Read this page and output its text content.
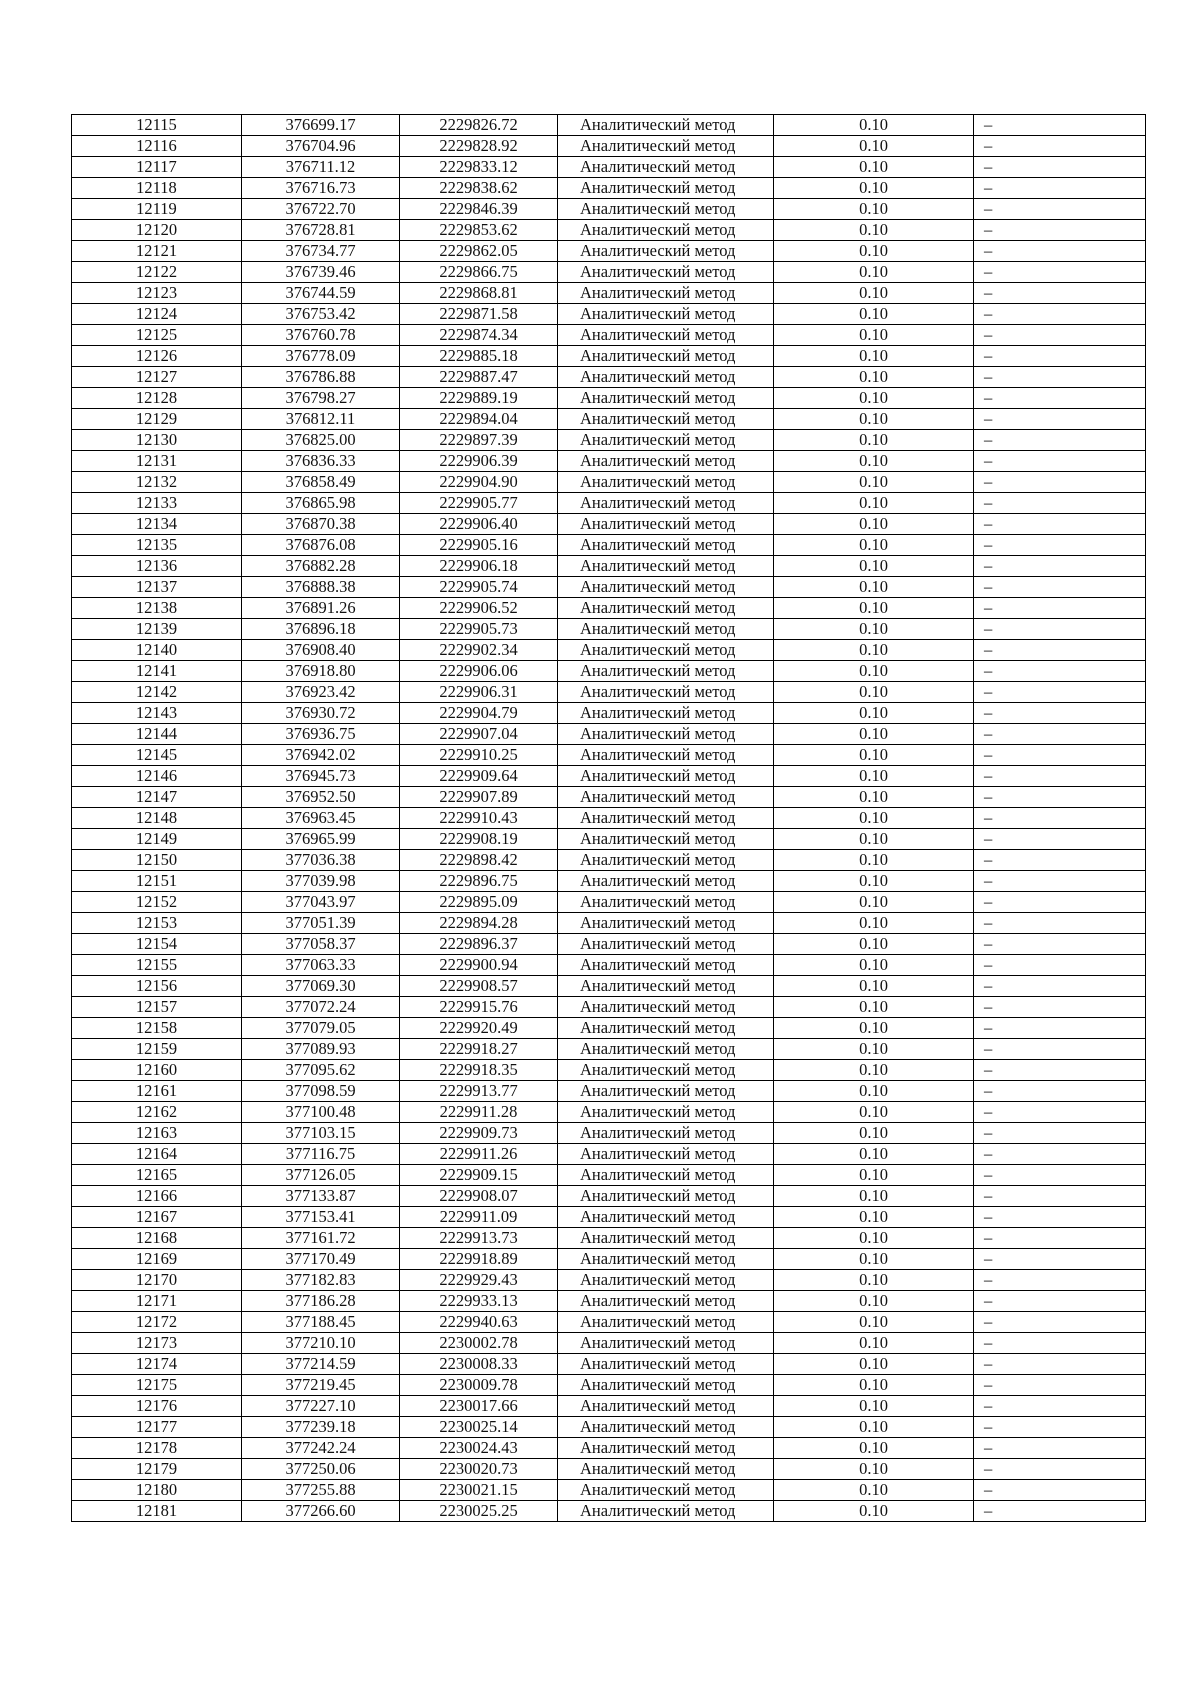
12115	376699.17	2229826.72	Аналитический метод	0.10	–
12116	376704.96	2229828.92	Аналитический метод	0.10	–
12117	376711.12	2229833.12	Аналитический метод	0.10	–
12118	376716.73	2229838.62	Аналитический метод	0.10	–
12119	376722.70	2229846.39	Аналитический метод	0.10	–
12120	376728.81	2229853.62	Аналитический метод	0.10	–
12121	376734.77	2229862.05	Аналитический метод	0.10	–
12122	376739.46	2229866.75	Аналитический метод	0.10	–
12123	376744.59	2229868.81	Аналитический метод	0.10	–
12124	376753.42	2229871.58	Аналитический метод	0.10	–
12125	376760.78	2229874.34	Аналитический метод	0.10	–
12126	376778.09	2229885.18	Аналитический метод	0.10	–
12127	376786.88	2229887.47	Аналитический метод	0.10	–
12128	376798.27	2229889.19	Аналитический метод	0.10	–
12129	376812.11	2229894.04	Аналитический метод	0.10	–
12130	376825.00	2229897.39	Аналитический метод	0.10	–
12131	376836.33	2229906.39	Аналитический метод	0.10	–
12132	376858.49	2229904.90	Аналитический метод	0.10	–
12133	376865.98	2229905.77	Аналитический метод	0.10	–
12134	376870.38	2229906.40	Аналитический метод	0.10	–
12135	376876.08	2229905.16	Аналитический метод	0.10	–
12136	376882.28	2229906.18	Аналитический метод	0.10	–
12137	376888.38	2229905.74	Аналитический метод	0.10	–
12138	376891.26	2229906.52	Аналитический метод	0.10	–
12139	376896.18	2229905.73	Аналитический метод	0.10	–
12140	376908.40	2229902.34	Аналитический метод	0.10	–
12141	376918.80	2229906.06	Аналитический метод	0.10	–
12142	376923.42	2229906.31	Аналитический метод	0.10	–
12143	376930.72	2229904.79	Аналитический метод	0.10	–
12144	376936.75	2229907.04	Аналитический метод	0.10	–
12145	376942.02	2229910.25	Аналитический метод	0.10	–
12146	376945.73	2229909.64	Аналитический метод	0.10	–
12147	376952.50	2229907.89	Аналитический метод	0.10	–
12148	376963.45	2229910.43	Аналитический метод	0.10	–
12149	376965.99	2229908.19	Аналитический метод	0.10	–
12150	377036.38	2229898.42	Аналитический метод	0.10	–
12151	377039.98	2229896.75	Аналитический метод	0.10	–
12152	377043.97	2229895.09	Аналитический метод	0.10	–
12153	377051.39	2229894.28	Аналитический метод	0.10	–
12154	377058.37	2229896.37	Аналитический метод	0.10	–
12155	377063.33	2229900.94	Аналитический метод	0.10	–
12156	377069.30	2229908.57	Аналитический метод	0.10	–
12157	377072.24	2229915.76	Аналитический метод	0.10	–
12158	377079.05	2229920.49	Аналитический метод	0.10	–
12159	377089.93	2229918.27	Аналитический метод	0.10	–
12160	377095.62	2229918.35	Аналитический метод	0.10	–
12161	377098.59	2229913.77	Аналитический метод	0.10	–
12162	377100.48	2229911.28	Аналитический метод	0.10	–
12163	377103.15	2229909.73	Аналитический метод	0.10	–
12164	377116.75	2229911.26	Аналитический метод	0.10	–
12165	377126.05	2229909.15	Аналитический метод	0.10	–
12166	377133.87	2229908.07	Аналитический метод	0.10	–
12167	377153.41	2229911.09	Аналитический метод	0.10	–
12168	377161.72	2229913.73	Аналитический метод	0.10	–
12169	377170.49	2229918.89	Аналитический метод	0.10	–
12170	377182.83	2229929.43	Аналитический метод	0.10	–
12171	377186.28	2229933.13	Аналитический метод	0.10	–
12172	377188.45	2229940.63	Аналитический метод	0.10	–
12173	377210.10	2230002.78	Аналитический метод	0.10	–
12174	377214.59	2230008.33	Аналитический метод	0.10	–
12175	377219.45	2230009.78	Аналитический метод	0.10	–
12176	377227.10	2230017.66	Аналитический метод	0.10	–
12177	377239.18	2230025.14	Аналитический метод	0.10	–
12178	377242.24	2230024.43	Аналитический метод	0.10	–
12179	377250.06	2230020.73	Аналитический метод	0.10	–
12180	377255.88	2230021.15	Аналитический метод	0.10	–
12181	377266.60	2230025.25	Аналитический метод	0.10	–
